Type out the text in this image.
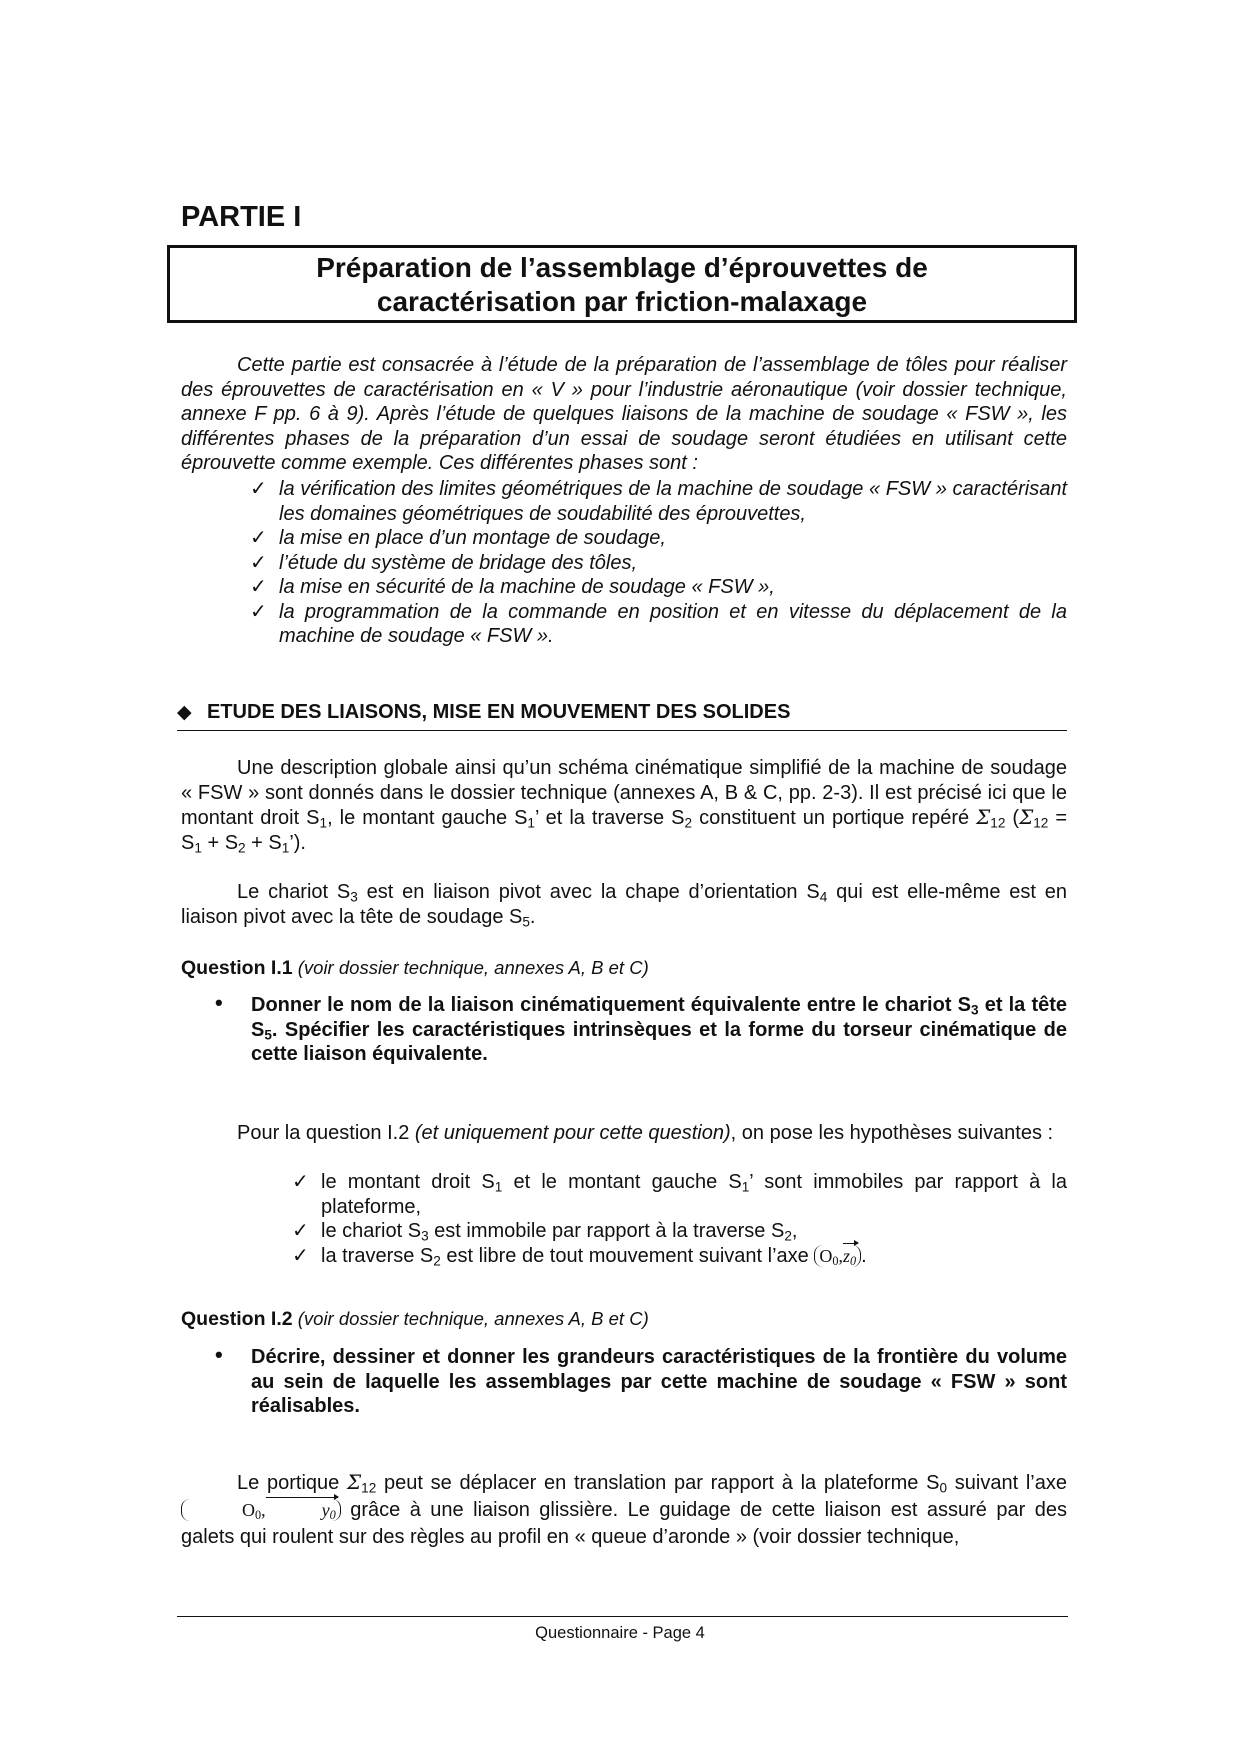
PARTIE I
Préparation de l’assemblage d’éprouvettes de
caractérisation par friction-malaxage

Cette partie est consacrée à l’étude de la préparation de l’assemblage de tôles pour réaliser des éprouvettes de caractérisation en « V » pour l’industrie aéronautique (voir dossier technique, annexe F pp. 6 à 9). Après l’étude de quelques liaisons de la machine de soudage « FSW », les différentes phases de la préparation d’un essai de soudage seront étudiées en utilisant cette éprouvette comme exemple. Ces différentes phases sont :

✓ la vérification des limites géométriques de la machine de soudage « FSW » caractérisant les domaines géométriques de soudabilité des éprouvettes,
✓ la mise en place d’un montage de soudage,
✓ l’étude du système de bridage des tôles,
✓ la mise en sécurité de la machine de soudage « FSW »,
✓ la programmation de la commande en position et en vitesse du déplacement de la machine de soudage « FSW ».
◆ ETUDE DES LIAISONS, MISE EN MOUVEMENT DES SOLIDES

Une description globale ainsi qu’un schéma cinématique simplifié de la machine de soudage « FSW » sont donnés dans le dossier technique (annexes A, B & C, pp. 2-3). Il est précisé ici que le montant droit $S_1$, le montant gauche $S_1$’ et la traverse $S_2$ constituent un portique repéré $\Sigma_{12}$ ($\Sigma_{12} = S_1 + S_2$ + $S_1$’).

Le chariot $S_3$ est en liaison pivot avec la chape d’orientation $S_4$ qui est elle-même est en liaison pivot avec la tête de soudage $S_5$.

Question I.1 (voir dossier technique, annexes A, B et C)

• Donner le nom de la liaison cinématiquement équivalente entre le chariot $S_3$ et la tête $S_5$. Spécifier les caractéristiques intrinsèques et la forme du torseur cinématique de cette liaison équivalente.

Pour la question I.2 (et uniquement pour cette question), on pose les hypothèses suivantes :

✓ le montant droit $S_1$ et le montant gauche $S_1$’ sont immobiles par rapport à la plateforme,
✓ le chariot $S_3$ est immobile par rapport à la traverse $S_2$,
✓ la traverse $S_2$ est libre de tout mouvement suivant l’axe $O_0,z_0$ .

Question I.2 (voir dossier technique, annexes A, B et C)

• Décrire, dessiner et donner les grandeurs caractéristiques de la frontière du volume au sein de laquelle les assemblages par cette machine de soudage « FSW » sont réalisables.

Le portique $\Sigma_{12}$ peut se déplacer en translation par rapport à la plateforme $S_0$ suivant l’axe $O_0$,	$y_0$ grâce à une liaison glissière. Le guidage de cette liaison est assuré par des galets qui roulent sur des règles au profil en « queue d’aronde » (voir dossier technique,

Questionnaire - Page 4
